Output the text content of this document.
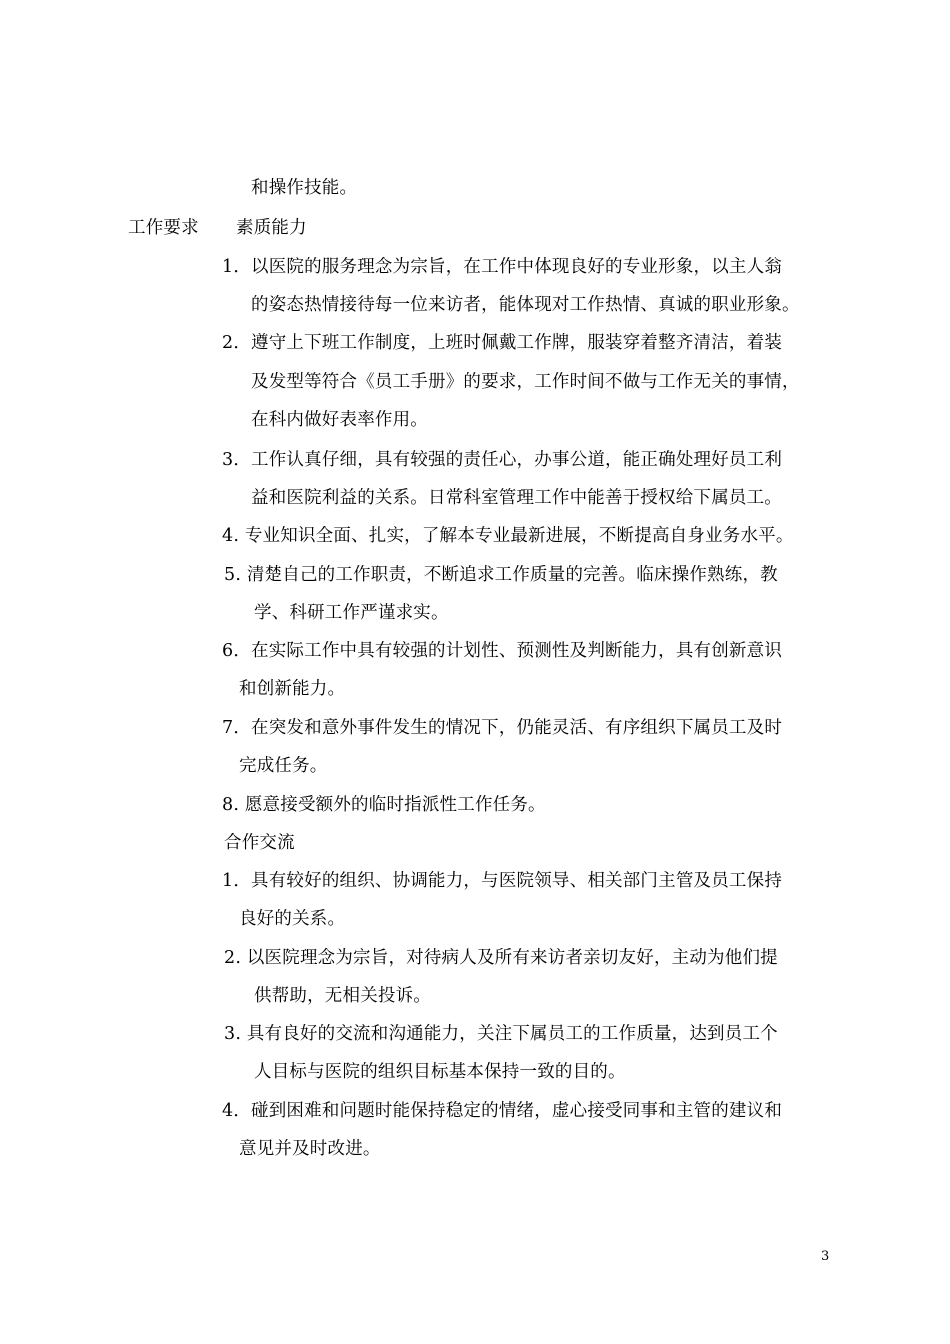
和操作技能。
工作要求 素质能力
1．以医院的服务理念为宗旨，在工作中体现良好的专业形象，以主人翁
的姿态热情接待每一位来访者，能体现对工作热情、真诚的职业形象。
2．遵守上下班工作制度，上班时佩戴工作牌，服装穿着整齐清洁，着装
及发型等符合《员工手册》的要求，工作时间不做与工作无关的事情，
在科内做好表率作用。
3．工作认真仔细，具有较强的责任心，办事公道，能正确处理好员工利
益和医院利益的关系。日常科室管理工作中能善于授权给下属员工。
4. 专业知识全面、扎实，了解本专业最新进展，不断提高自身业务水平。
5. 清楚自己的工作职责，不断追求工作质量的完善。临床操作熟练，教
学、科研工作严谨求实。
6．在实际工作中具有较强的计划性、预测性及判断能力，具有创新意识
和创新能力。
7．在突发和意外事件发生的情况下，仍能灵活、有序组织下属员工及时
完成任务。
8. 愿意接受额外的临时指派性工作任务。
合作交流
1．具有较好的组织、协调能力，与医院领导、相关部门主管及员工保持
良好的关系。
2. 以医院理念为宗旨，对待病人及所有来访者亲切友好，主动为他们提
供帮助，无相关投诉。
3. 具有良好的交流和沟通能力，关注下属员工的工作质量，达到员工个
人目标与医院的组织目标基本保持一致的目的。
4．碰到困难和问题时能保持稳定的情绪，虚心接受同事和主管的建议和
意见并及时改进。
3
